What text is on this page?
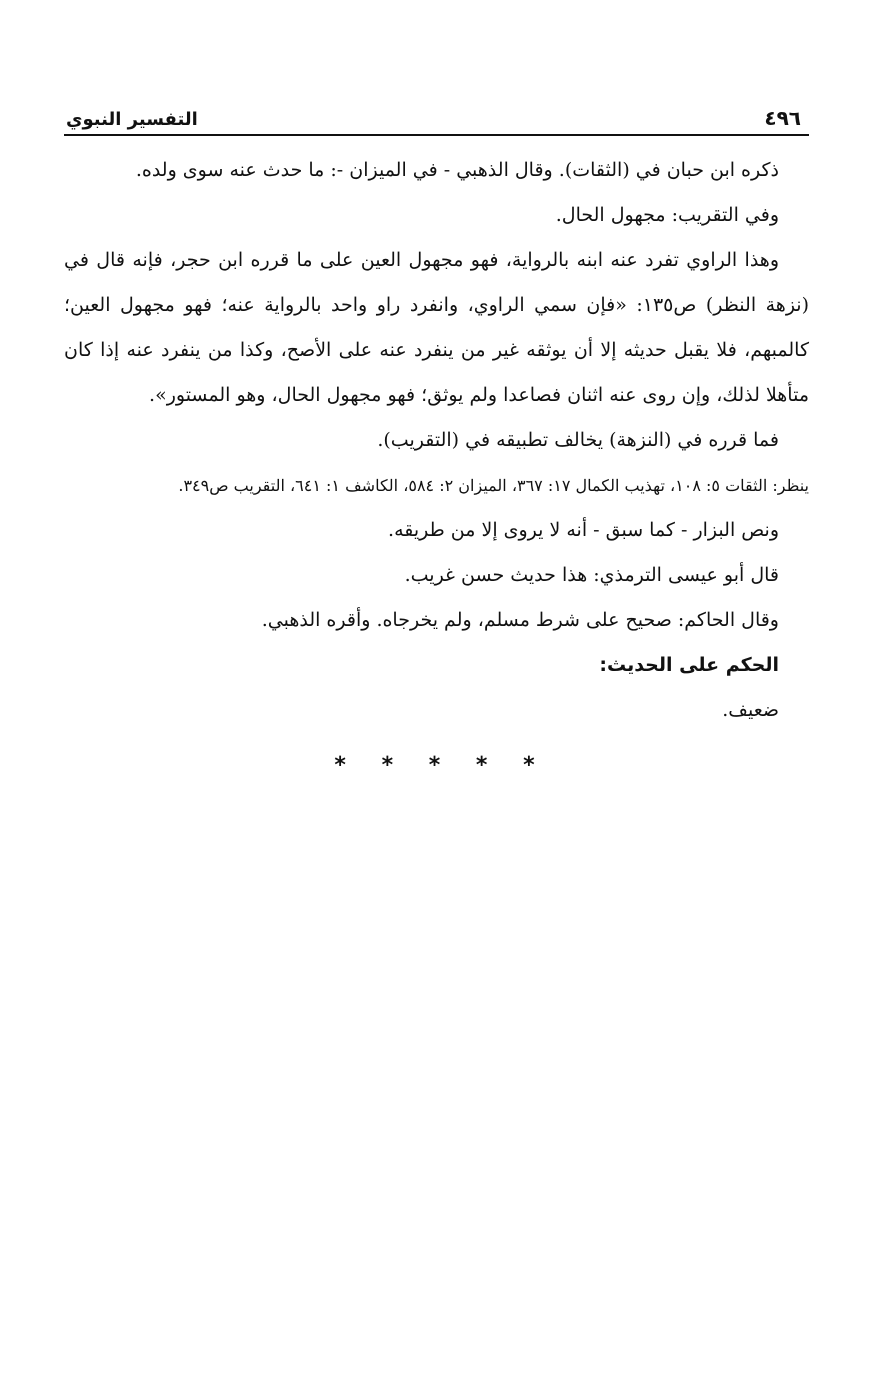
٤٩٦
التفسير النبوي

ذكره ابن حبان في (الثقات). وقال الذهبي - في الميزان -: ما حدث عنه سوى ولده.

وفي التقريب: مجهول الحال.

وهذا الراوي تفرد عنه ابنه بالرواية، فهو مجهول العين على ما قرره ابن حجر، فإنه قال في (نزهة النظر) ص١٣٥: «فإن سمي الراوي، وانفرد راو واحد بالرواية عنه؛ فهو مجهول العين؛ كالمبهم، فلا يقبل حديثه إلا أن يوثقه غير من ينفرد عنه على الأصح، وكذا من ينفرد عنه إذا كان متأهلا لذلك، وإن روى عنه اثنان فصاعدا ولم يوثق؛ فهو مجهول الحال، وهو المستور».

فما قرره في (النزهة) يخالف تطبيقه في (التقريب).

ينظر: الثقات ٥: ١٠٨، تهذيب الكمال ١٧: ٣٦٧، الميزان ٢: ٥٨٤، الكاشف ١: ٦٤١، التقريب ص٣٤٩.

ونص البزار - كما سبق - أنه لا يروى إلا من طريقه.

قال أبو عيسى الترمذي: هذا حديث حسن غريب.

وقال الحاكم: صحيح على شرط مسلم، ولم يخرجاه. وأقره الذهبي.

الحكم على الحديث:

ضعيف.

* * * * *
